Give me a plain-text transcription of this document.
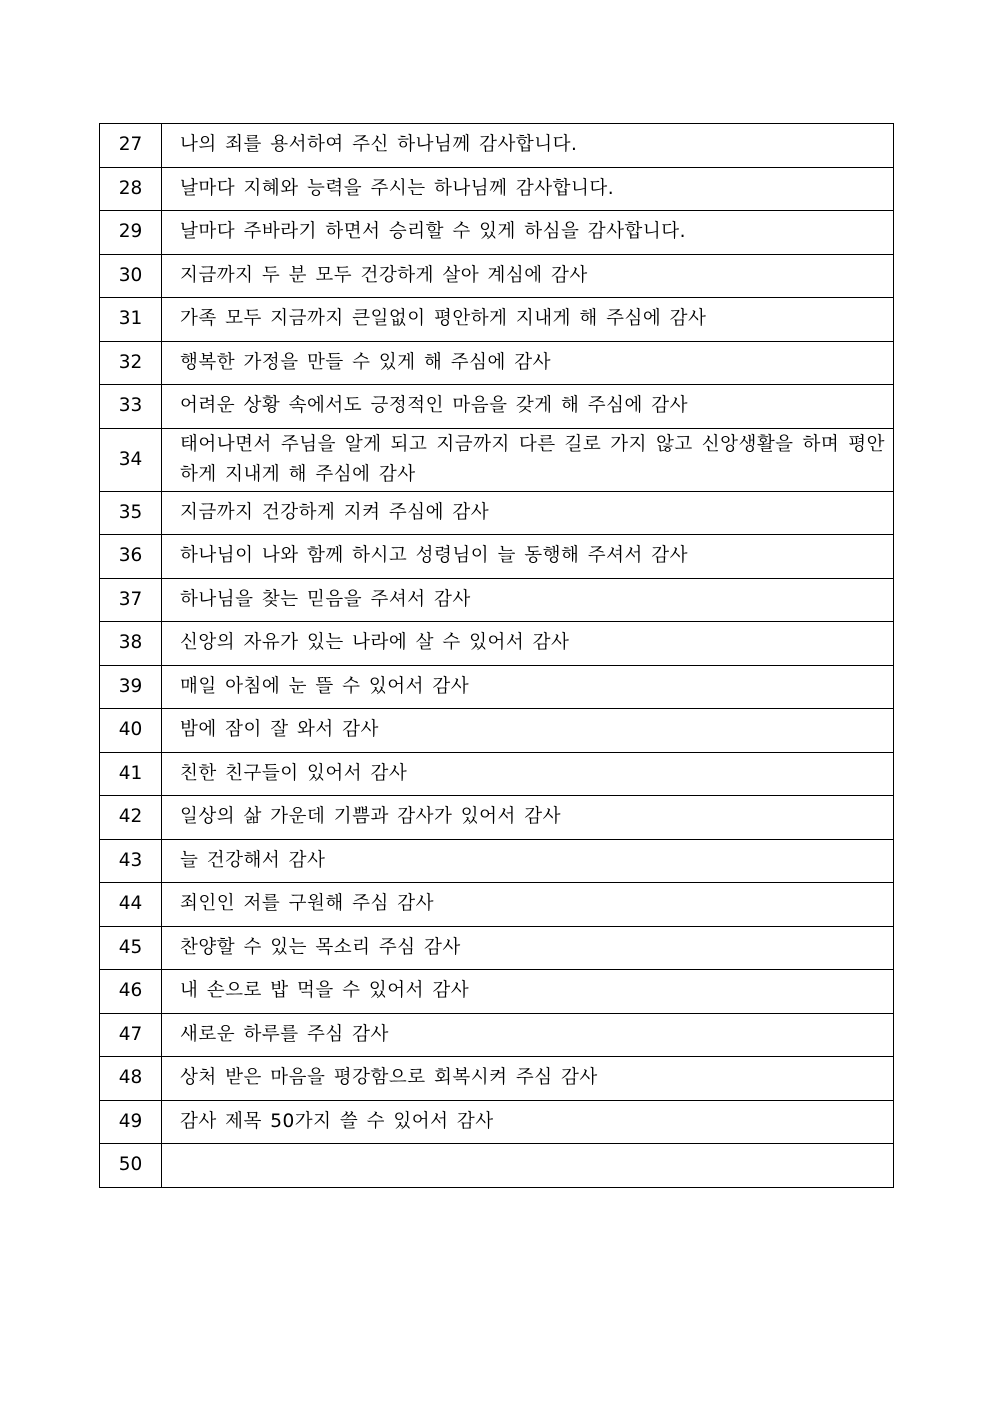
27	나의 죄를 용서하여 주신 하나님께 감사합니다.
28	날마다 지혜와 능력을 주시는 하나님께 감사합니다.
29	날마다 주바라기 하면서 승리할 수 있게 하심을 감사합니다.
30	지금까지 두 분 모두 건강하게 살아 계심에 감사
31	가족 모두 지금까지 큰일없이 평안하게 지내게 해 주심에 감사
32	행복한 가정을 만들 수 있게 해 주심에 감사
33	어려운 상황 속에서도 긍정적인 마음을 갖게 해 주심에 감사
34	태어나면서 주님을 알게 되고 지금까지 다른 길로 가지 않고 신앙생활을 하며 평안하게 지내게 해 주심에 감사
35	지금까지 건강하게 지켜 주심에 감사
36	하나님이 나와 함께 하시고 성령님이 늘 동행해 주셔서 감사
37	하나님을 찾는 믿음을 주셔서 감사
38	신앙의 자유가 있는 나라에 살 수 있어서 감사
39	매일 아침에 눈 뜰 수 있어서 감사
40	밤에 잠이 잘 와서 감사
41	친한 친구들이 있어서 감사
42	일상의 삶 가운데 기쁨과 감사가 있어서 감사
43	늘 건강해서 감사
44	죄인인 저를 구원해 주심 감사
45	찬양할 수 있는 목소리 주심 감사
46	내 손으로 밥 먹을 수 있어서 감사
47	새로운 하루를 주심 감사
48	상처 받은 마음을 평강함으로 회복시켜 주심 감사
49	감사 제목 50가지 쓸 수 있어서 감사
50	
